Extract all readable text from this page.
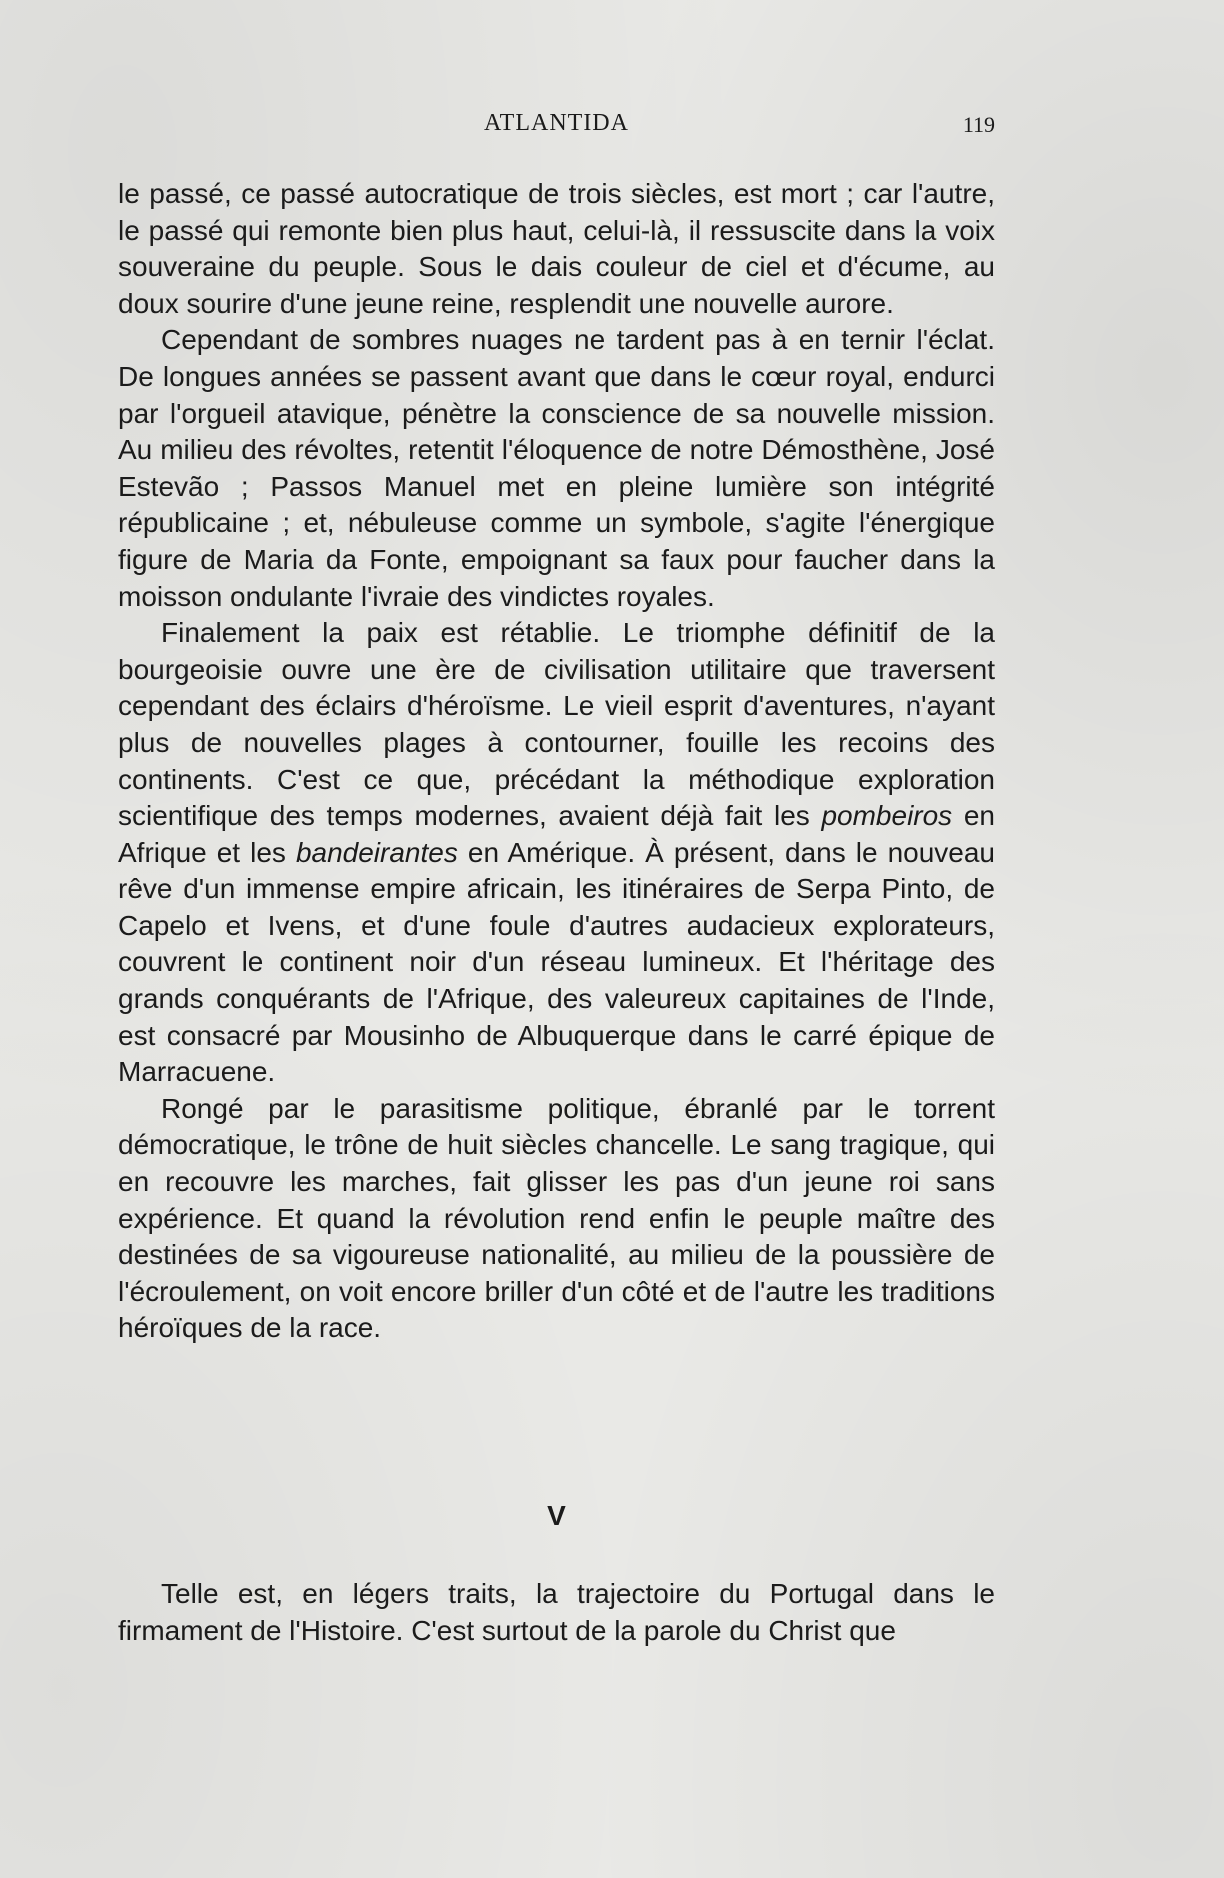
ATLANTIDA	119

le passé, ce passé autocratique de trois siècles, est mort ; car l'autre, le passé qui remonte bien plus haut, celui-là, il ressuscite dans la voix souveraine du peuple. Sous le dais couleur de ciel et d'écume, au doux sourire d'une jeune reine, resplendit une nouvelle aurore.

Cependant de sombres nuages ne tardent pas à en ternir l'éclat. De longues années se passent avant que dans le cœur royal, endurci par l'orgueil atavique, pénètre la conscience de sa nouvelle mission. Au milieu des révoltes, retentit l'éloquence de notre Démosthène, José Estevão ; Passos Manuel met en pleine lumière son intégrité républicaine ; et, nébuleuse comme un symbole, s'agite l'énergique figure de Maria da Fonte, empoignant sa faux pour faucher dans la moisson ondulante l'ivraie des vindictes royales.

Finalement la paix est rétablie. Le triomphe définitif de la bourgeoisie ouvre une ère de civilisation utilitaire que traversent cependant des éclairs d'héroïsme. Le vieil esprit d'aventures, n'ayant plus de nouvelles plages à contourner, fouille les recoins des continents. C'est ce que, précédant la méthodique exploration scientifique des temps modernes, avaient déjà fait les pombeiros en Afrique et les bandeirantes en Amérique. À présent, dans le nouveau rêve d'un immense empire africain, les itinéraires de Serpa Pinto, de Capelo et Ivens, et d'une foule d'autres audacieux explorateurs, couvrent le continent noir d'un réseau lumineux. Et l'héritage des grands conquérants de l'Afrique, des valeureux capitaines de l'Inde, est consacré par Mousinho de Albuquerque dans le carré épique de Marracuene.

Rongé par le parasitisme politique, ébranlé par le torrent démocratique, le trône de huit siècles chancelle. Le sang tragique, qui en recouvre les marches, fait glisser les pas d'un jeune roi sans expérience. Et quand la révolution rend enfin le peuple maître des destinées de sa vigoureuse nationalité, au milieu de la poussière de l'écroulement, on voit encore briller d'un côté et de l'autre les traditions héroïques de la race.

V

Telle est, en légers traits, la trajectoire du Portugal dans le firmament de l'Histoire. C'est surtout de la parole du Christ que
